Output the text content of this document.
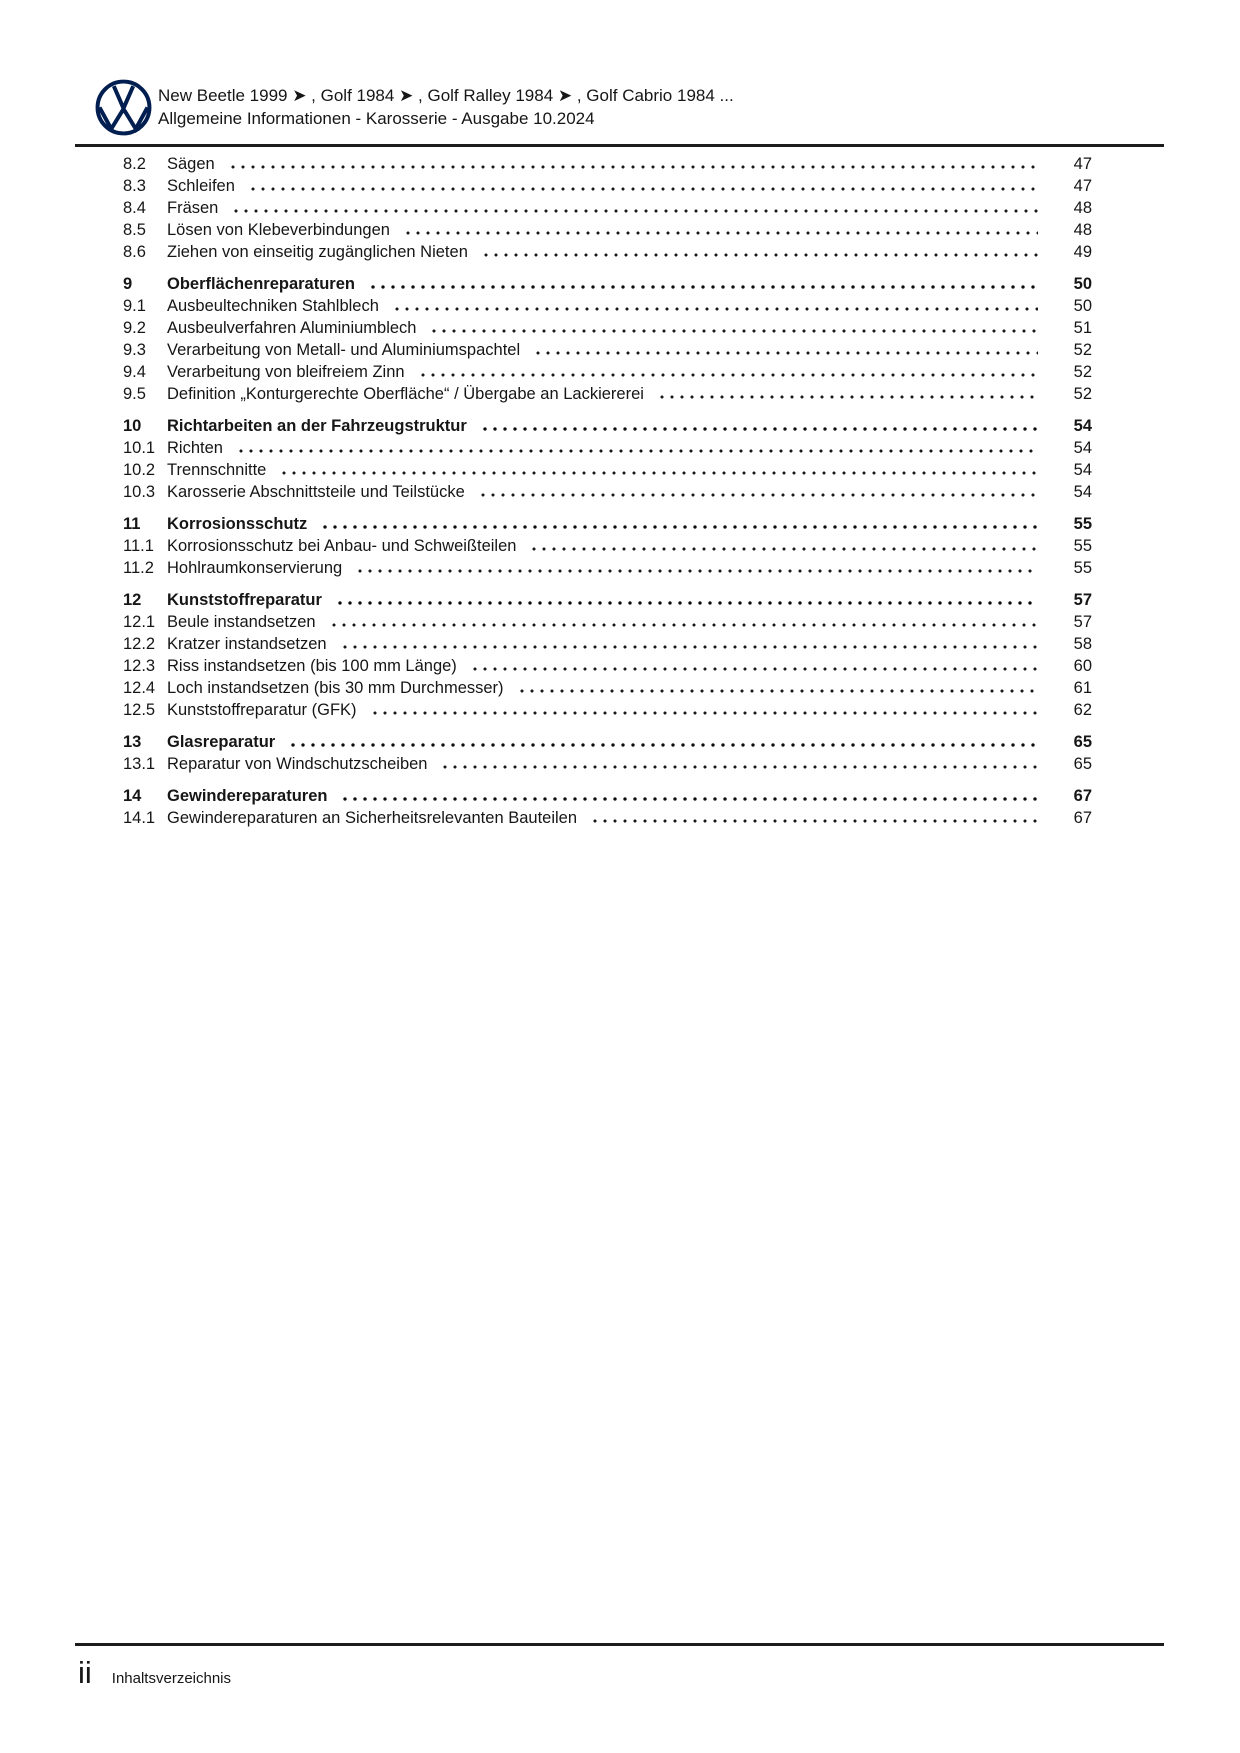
New Beetle 1999 ➤ , Golf 1984 ➤ , Golf Ralley 1984 ➤ , Golf Cabrio 1984 ...
Allgemeine Informationen - Karosserie - Ausgabe 10.2024
8.2	Sägen	47
8.3	Schleifen	47
8.4	Fräsen	48
8.5	Lösen von Klebeverbindungen	48
8.6	Ziehen von einseitig zugänglichen Nieten	49
9	Oberflächenreparaturen	50
9.1	Ausbeultechniken Stahlblech	50
9.2	Ausbeulverfahren Aluminiumblech	51
9.3	Verarbeitung von Metall- und Aluminiumspachtel	52
9.4	Verarbeitung von bleifreiem Zinn	52
9.5	Definition „Konturgerechte Oberfläche“ / Übergabe an Lackiererei	52
10	Richtarbeiten an der Fahrzeugstruktur	54
10.1 Richten	54
10.2 Trennschnitte	54
10.3 Karosserie Abschnittsteile und Teilstücke	54
11	Korrosionsschutz	55
11.1 Korrosionsschutz bei Anbau- und Schweißteilen	55
11.2 Hohlraumkonservierung	55
12	Kunststoffreparatur	57
12.1 Beule instandsetzen	57
12.2 Kratzer instandsetzen	58
12.3 Riss instandsetzen (bis 100 mm Länge)	60
12.4 Loch instandsetzen (bis 30 mm Durchmesser)	61
12.5 Kunststoffreparatur (GFK)	62
13	Glasreparatur	65
13.1 Reparatur von Windschutzscheiben	65
14	Gewindereparaturen	67
14.1 Gewindereparaturen an Sicherheitsrelevanten Bauteilen	67
ii Inhaltsverzeichnis
